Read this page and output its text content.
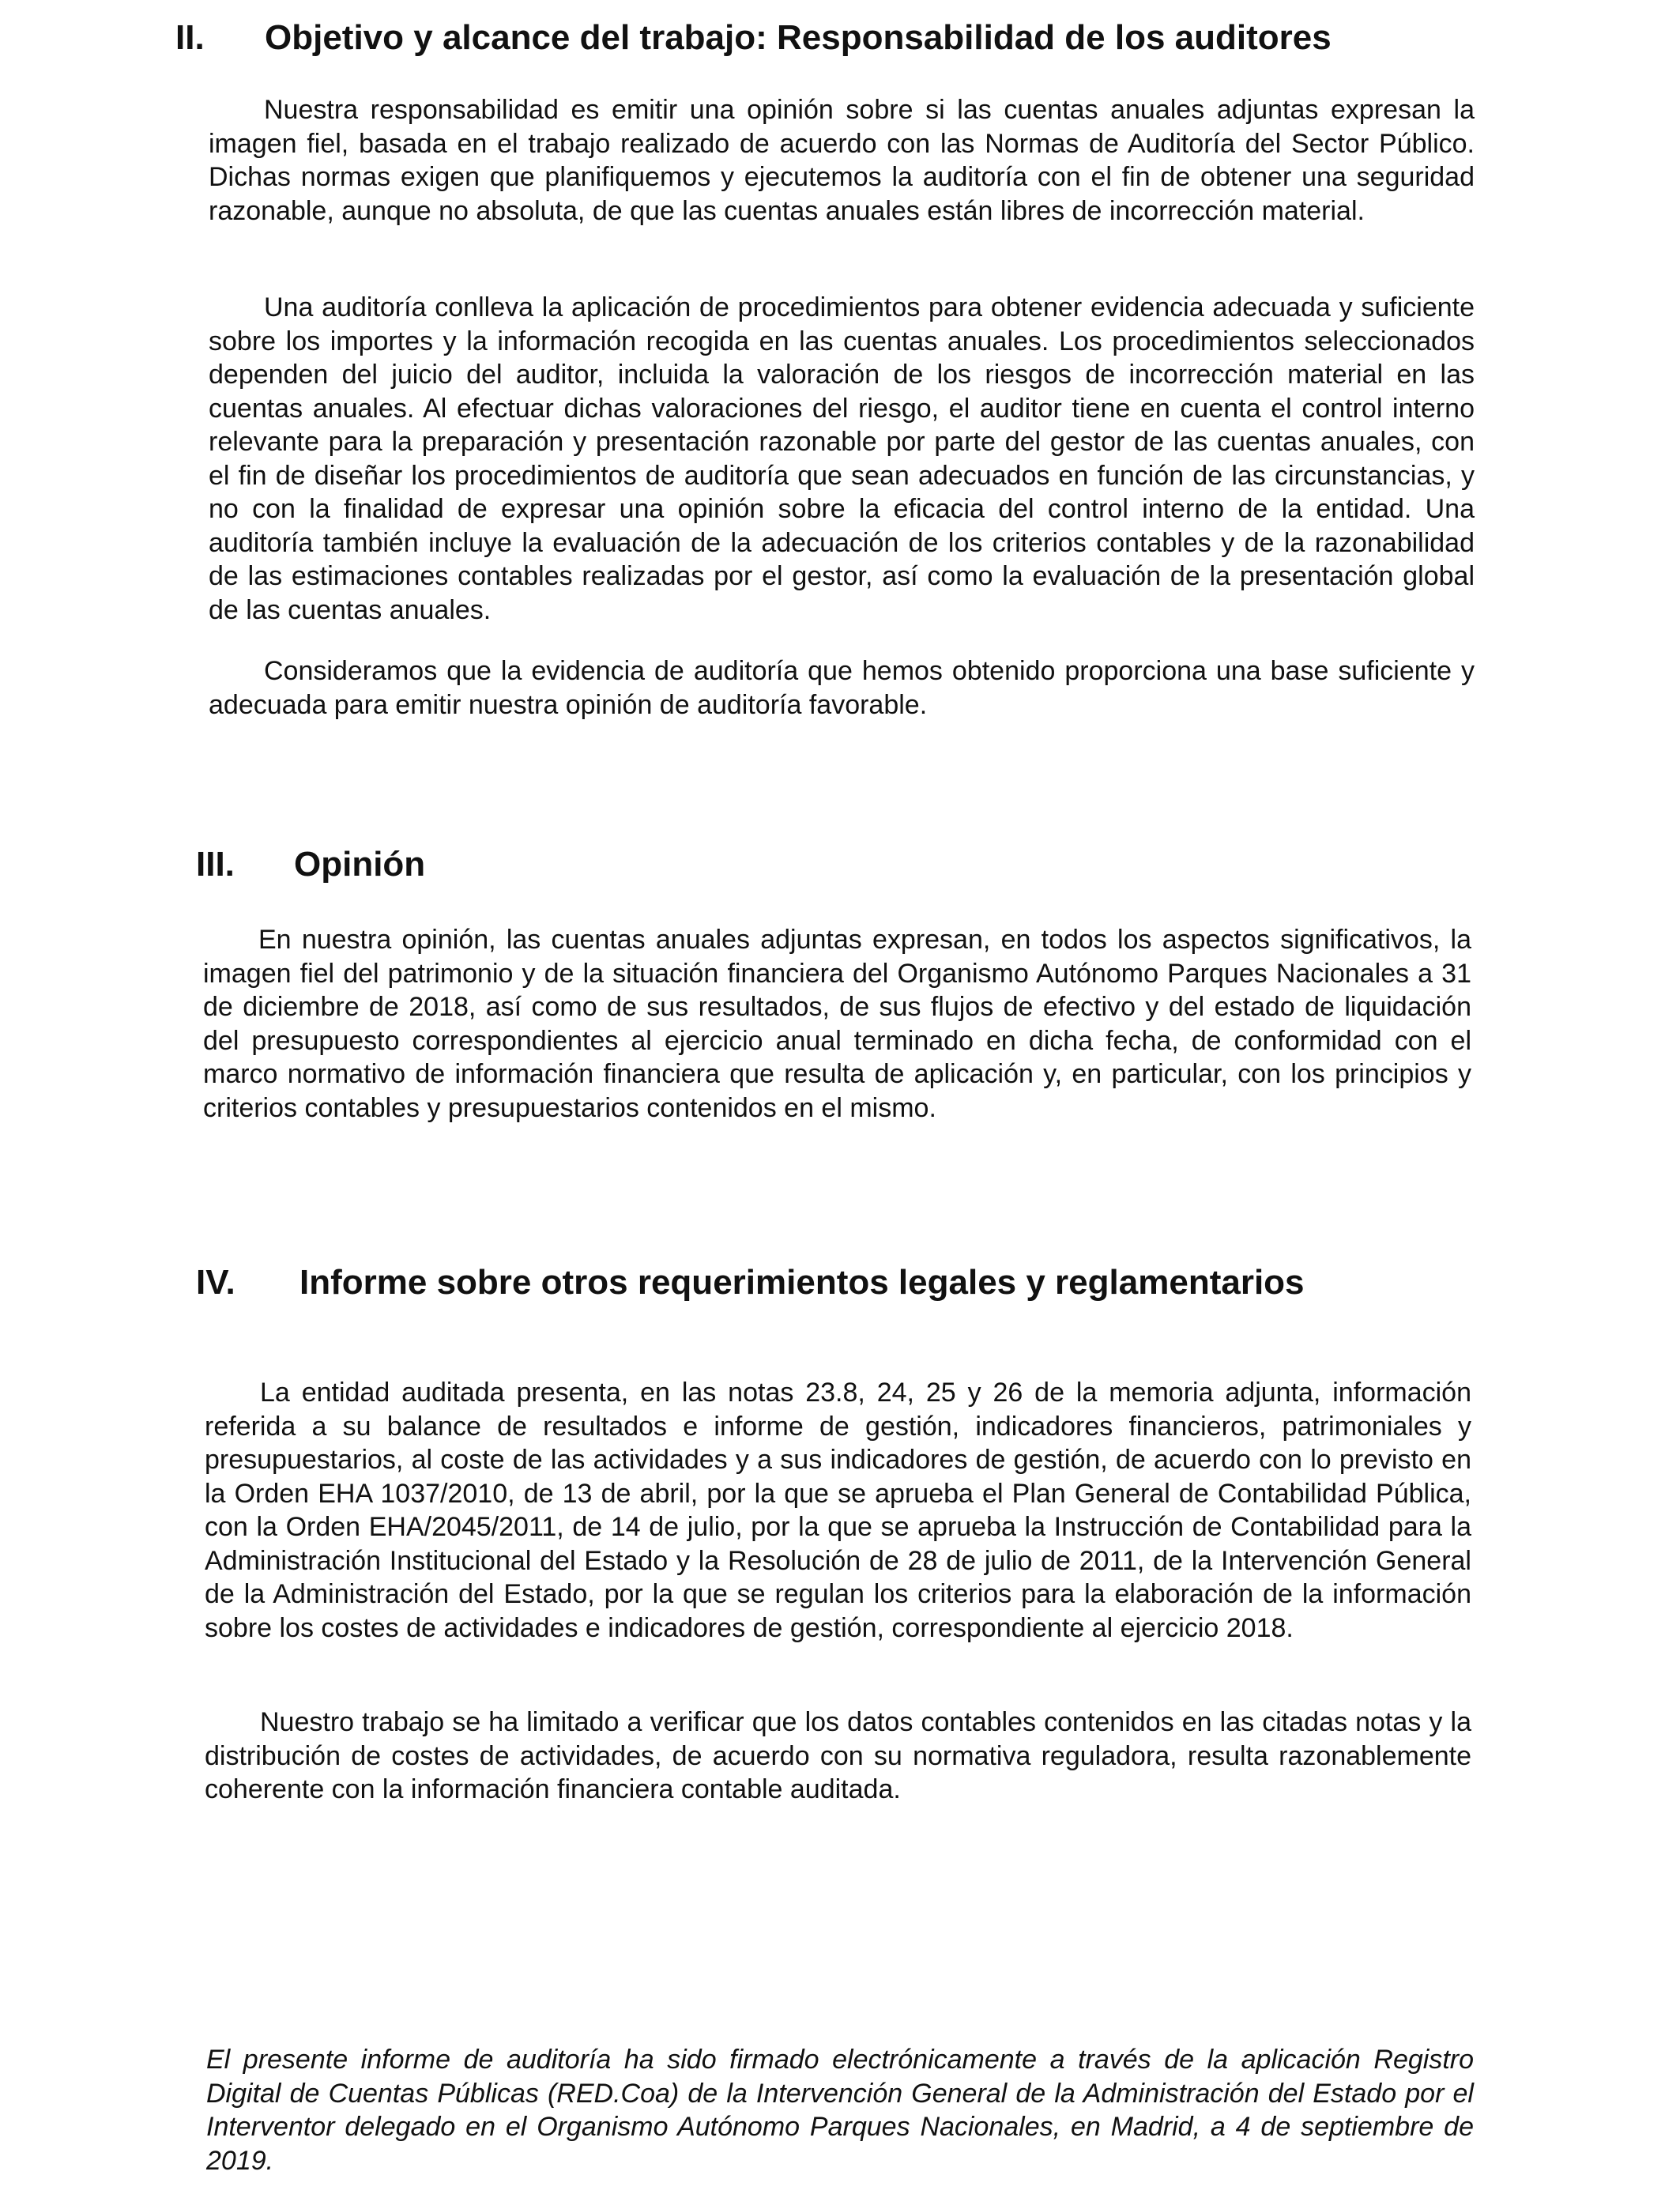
II. Objetivo y alcance del trabajo: Responsabilidad de los auditores

Nuestra responsabilidad es emitir una opinión sobre si las cuentas anuales adjuntas expresan la imagen fiel, basada en el trabajo realizado de acuerdo con las Normas de Auditoría del Sector Público. Dichas normas exigen que planifiquemos y ejecutemos la auditoría con el fin de obtener una seguridad razonable, aunque no absoluta, de que las cuentas anuales están libres de incorrección material.

Una auditoría conlleva la aplicación de procedimientos para obtener evidencia adecuada y suficiente sobre los importes y la información recogida en las cuentas anuales. Los procedimientos seleccionados dependen del juicio del auditor, incluida la valoración de los riesgos de incorrección material en las cuentas anuales. Al efectuar dichas valoraciones del riesgo, el auditor tiene en cuenta el control interno relevante para la preparación y presentación razonable por parte del gestor de las cuentas anuales, con el fin de diseñar los procedimientos de auditoría que sean adecuados en función de las circunstancias, y no con la finalidad de expresar una opinión sobre la eficacia del control interno de la entidad. Una auditoría también incluye la evaluación de la adecuación de los criterios contables y de la razonabilidad de las estimaciones contables realizadas por el gestor, así como la evaluación de la presentación global de las cuentas anuales.

Consideramos que la evidencia de auditoría que hemos obtenido proporciona una base suficiente y adecuada para emitir nuestra opinión de auditoría favorable.

III. Opinión

En nuestra opinión, las cuentas anuales adjuntas expresan, en todos los aspectos significativos, la imagen fiel del patrimonio y de la situación financiera del Organismo Autónomo Parques Nacionales a 31 de diciembre de 2018, así como de sus resultados, de sus flujos de efectivo y del estado de liquidación del presupuesto correspondientes al ejercicio anual terminado en dicha fecha, de conformidad con el marco normativo de información financiera que resulta de aplicación y, en particular, con los principios y criterios contables y presupuestarios contenidos en el mismo.

IV. Informe sobre otros requerimientos legales y reglamentarios

La entidad auditada presenta, en las notas 23.8, 24, 25 y 26 de la memoria adjunta, información referida a su balance de resultados e informe de gestión, indicadores financieros, patrimoniales y presupuestarios, al coste de las actividades y a sus indicadores de gestión, de acuerdo con lo previsto en la Orden EHA 1037/2010, de 13 de abril, por la que se aprueba el Plan General de Contabilidad Pública, con la Orden EHA/2045/2011, de 14 de julio, por la que se aprueba la Instrucción de Contabilidad para la Administración Institucional del Estado y la Resolución de 28 de julio de 2011, de la Intervención General de la Administración del Estado, por la que se regulan los criterios para la elaboración de la información sobre los costes de actividades e indicadores de gestión, correspondiente al ejercicio 2018.

Nuestro trabajo se ha limitado a verificar que los datos contables contenidos en las citadas notas y la distribución de costes de actividades, de acuerdo con su normativa reguladora, resulta razonablemente coherente con la información financiera contable auditada.

El presente informe de auditoría ha sido firmado electrónicamente a través de la aplicación Registro Digital de Cuentas Públicas (RED.Coa) de la Intervención General de la Administración del Estado por el Interventor delegado en el Organismo Autónomo Parques Nacionales, en Madrid, a 4 de septiembre de 2019.
